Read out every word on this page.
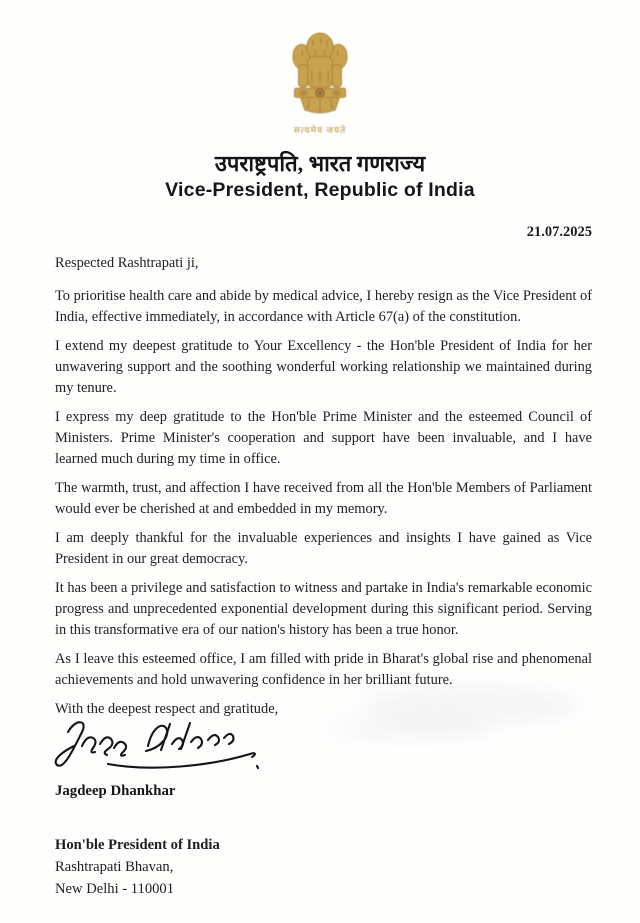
सत्यमेव जयते
उपराष्ट्रपति, भारत गणराज्य
Vice-President, Republic of India
21.07.2025

Respected Rashtrapati ji,

To prioritise health care and abide by medical advice, I hereby resign as the Vice President of India, effective immediately, in accordance with Article 67(a) of the constitution.

I extend my deepest gratitude to Your Excellency - the Hon'ble President of India for her unwavering support and the soothing wonderful working relationship we maintained during my tenure.

I express my deep gratitude to the Hon'ble Prime Minister and the esteemed Council of Ministers. Prime Minister's cooperation and support have been invaluable, and I have learned much during my time in office.

The warmth, trust, and affection I have received from all the Hon'ble Members of Parliament would ever be cherished at and embedded in my memory.

I am deeply thankful for the invaluable experiences and insights I have gained as Vice President in our great democracy.

It has been a privilege and satisfaction to witness and partake in India's remarkable economic progress and unprecedented exponential development during this significant period. Serving in this transformative era of our nation's history has been a true honor.

As I leave this esteemed office, I am filled with pride in Bharat's global rise and phenomenal achievements and hold unwavering confidence in her brilliant future.

With the deepest respect and gratitude,

Jagdeep Dhankhar
Hon'ble President of India
Rashtrapati Bhavan,
New Delhi - 110001
